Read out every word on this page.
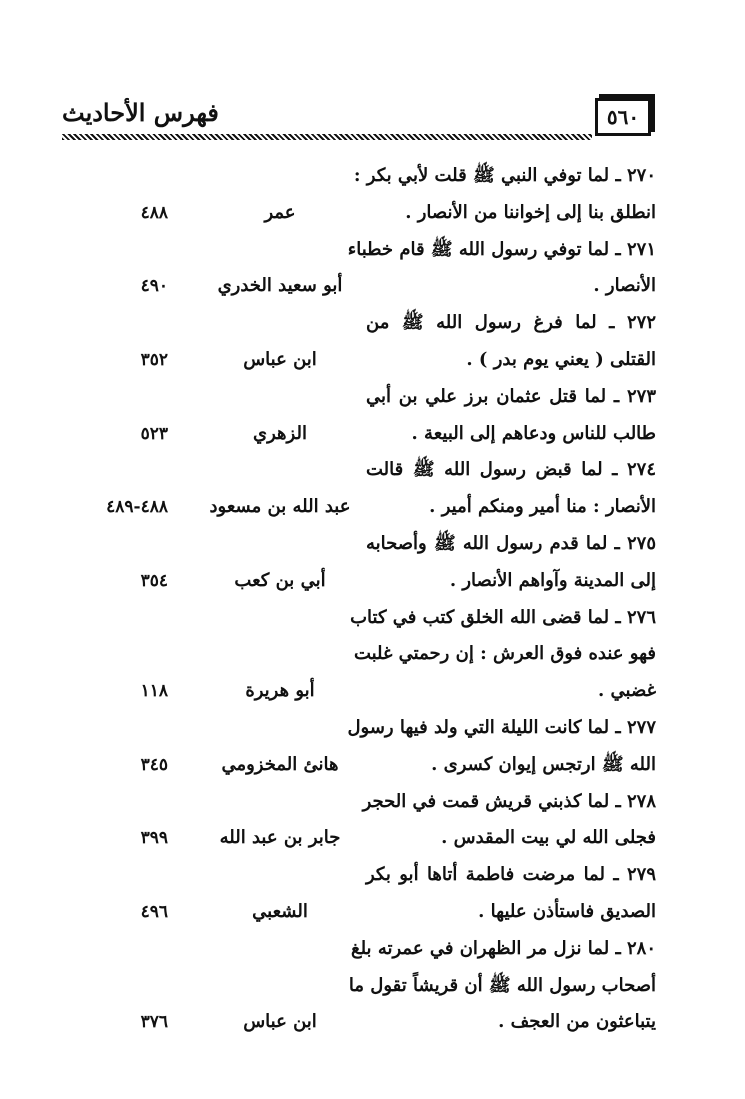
فهرس الأحاديث	٥٦٠
٢٧٠ ـ لما توفي النبي ﷺ قلت لأبي بكر :
انطلق بنا إلى إخواننا من الأنصار .
عمر
٤٨٨
٢٧١ ـ لما توفي رسول الله ﷺ قام خطباء
الأنصار .
أبو سعيد الخدري
٤٩٠
٢٧٢ ـ لما فرغ رسول الله ﷺ من
القتلى ( يعني يوم بدر ) .
ابن عباس
٣٥٢
٢٧٣ ـ لما قتل عثمان برز علي بن أبي
طالب للناس ودعاهم إلى البيعة .
الزهري
٥٢٣
٢٧٤ ـ لما قبض رسول الله ﷺ قالت
الأنصار : منا أمير ومنكم أمير .
عبد الله بن مسعود
٤٨٨-٤٨٩
٢٧٥ ـ لما قدم رسول الله ﷺ وأصحابه
إلى المدينة وآواهم الأنصار .
أبي بن كعب
٣٥٤
٢٧٦ ـ لما قضى الله الخلق كتب في كتاب
فهو عنده فوق العرش : إن رحمتي غلبت
غضبي .
أبو هريرة
١١٨
٢٧٧ ـ لما كانت الليلة التي ولد فيها رسول
الله ﷺ ارتجس إيوان كسرى .
هانئ المخزومي
٣٤٥
٢٧٨ ـ لما كذبني قريش قمت في الحجر
فجلى الله لي بيت المقدس .
جابر بن عبد الله
٣٩٩
٢٧٩ ـ لما مرضت فاطمة أتاها أبو بكر
الصديق فاستأذن عليها .
الشعبي
٤٩٦
٢٨٠ ـ لما نزل مر الظهران في عمرته بلغ
أصحاب رسول الله ﷺ أن قريشاً تقول ما
يتباعثون من العجف .
ابن عباس
٣٧٦
